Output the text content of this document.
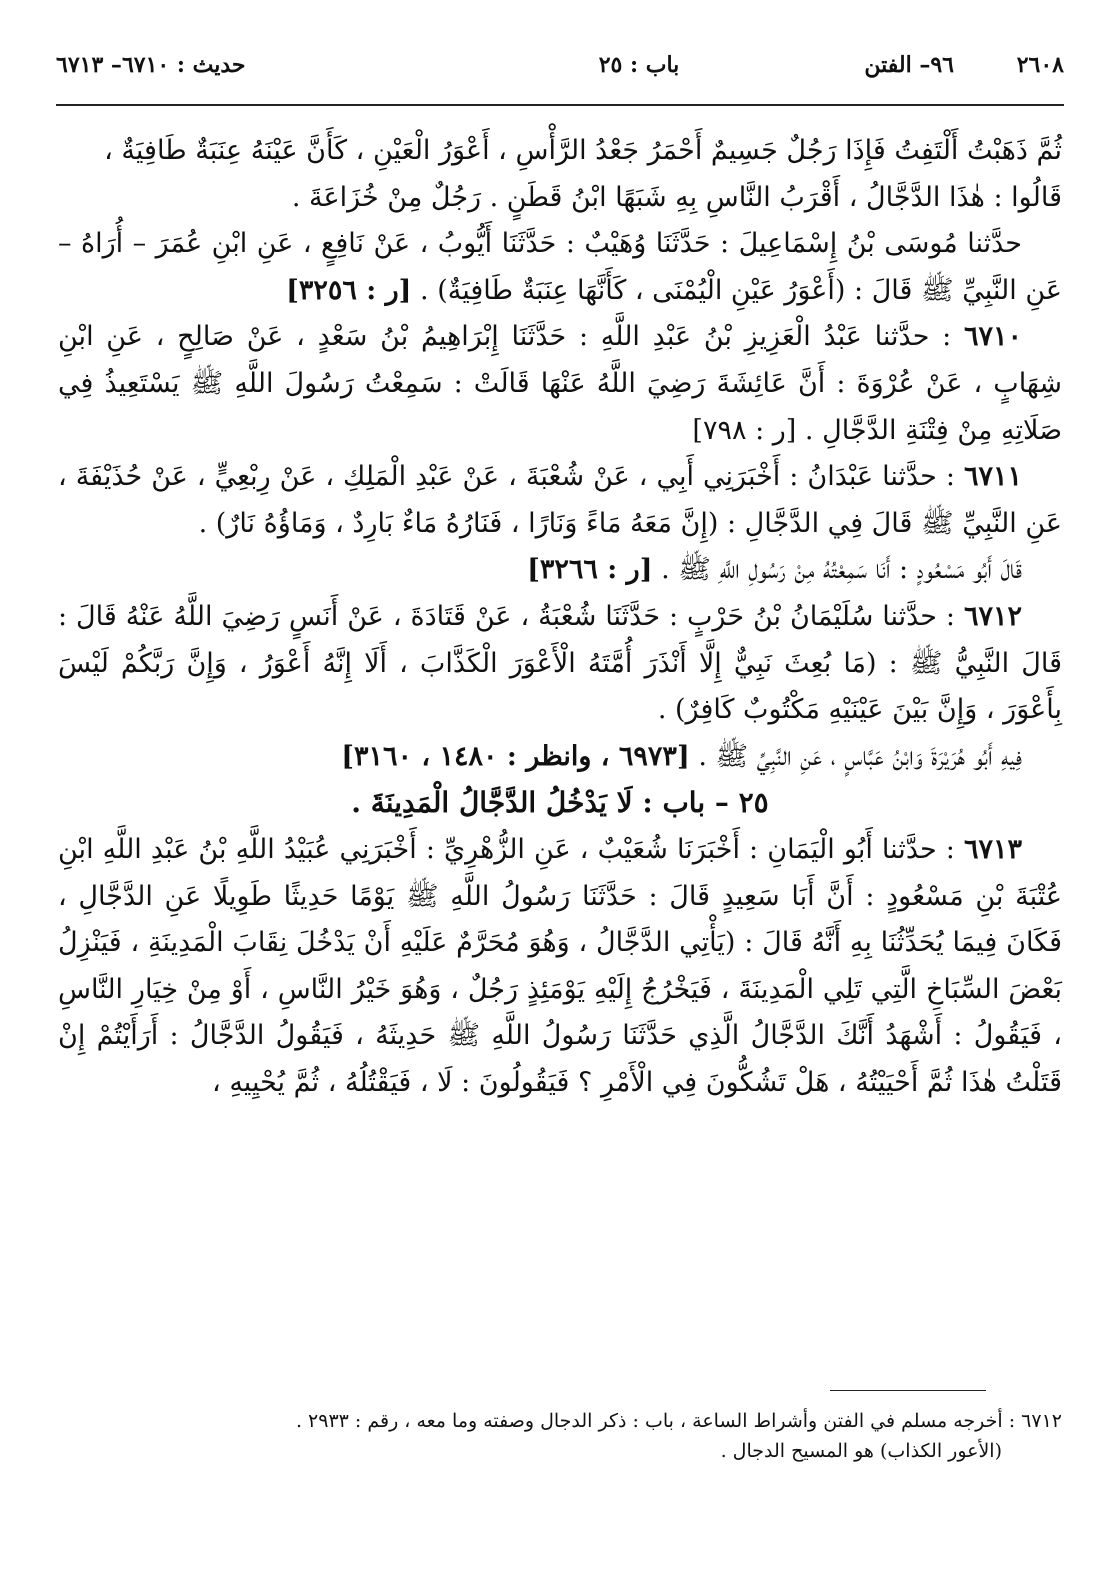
٢٦٠٨
٩٦– الفتن
باب : ٢٥
حديث : ٦٧١٠– ٦٧١٣

ثُمَّ ذَهَبْتُ أَلْتَفِتُ فَإِذَا رَجُلٌ جَسِيمٌ أَحْمَرُ جَعْدُ الرَّأْسِ ، أَعْوَرُ الْعَيْنِ ، كَأَنَّ عَيْنَهُ عِنَبَةٌ طَافِيَةٌ ،

قَالُوا : هٰذَا الدَّجَّالُ ، أَقْرَبُ النَّاسِ بِهِ شَبَهًا ابْنُ قَطَنٍ . رَجُلٌ مِنْ خُزَاعَةَ .

حدَّثنا مُوسَى بْنُ إِسْمَاعِيلَ : حَدَّثَنَا وُهَيْبٌ : حَدَّثَنَا أَيُّوبُ ، عَنْ نَافِعٍ ، عَنِ ابْنِ عُمَرَ – أُرَاهُ – عَنِ النَّبِيِّ ﷺ قَالَ : (أَعْوَرُ عَيْنِ الْيُمْنَى ، كَأَنَّهَا عِنَبَةٌ طَافِيَةٌ) . [ر : ٣٢٥٦]

٦٧١٠ : حدَّثنا عَبْدُ الْعَزِيزِ بْنُ عَبْدِ اللَّهِ : حَدَّثَنَا إِبْرَاهِيمُ بْنُ سَعْدٍ ، عَنْ صَالِحٍ ، عَنِ ابْنِ شِهَابٍ ، عَنْ عُرْوَةَ : أَنَّ عَائِشَةَ رَضِيَ اللَّهُ عَنْهَا قَالَتْ : سَمِعْتُ رَسُولَ اللَّهِ ﷺ يَسْتَعِيذُ فِي صَلَاتِهِ مِنْ فِتْنَةِ الدَّجَّالِ . [ر : ٧٩٨]

٦٧١١ : حدَّثنا عَبْدَانُ : أَخْبَرَنِي أَبِي ، عَنْ شُعْبَةَ ، عَنْ عَبْدِ الْمَلِكِ ، عَنْ رِبْعِيٍّ ، عَنْ حُذَيْفَةَ ، عَنِ النَّبِيِّ ﷺ قَالَ فِي الدَّجَّالِ : (إِنَّ مَعَهُ مَاءً وَنَارًا ، فَنَارُهُ مَاءٌ بَارِدٌ ، وَمَاؤُهُ نَارٌ) .

قَالَ أَبُو مَسْعُودٍ : أَنَا سَمِعْتُهُ مِنْ رَسُولِ اللَّهِ ﷺ . [ر : ٣٢٦٦]

٦٧١٢ : حدَّثنا سُلَيْمَانُ بْنُ حَرْبٍ : حَدَّثَنَا شُعْبَةُ ، عَنْ قَتَادَةَ ، عَنْ أَنَسٍ رَضِيَ اللَّهُ عَنْهُ قَالَ : قَالَ النَّبِيُّ ﷺ : (مَا بُعِثَ نَبِيٌّ إِلَّا أَنْذَرَ أُمَّتَهُ الْأَعْوَرَ الْكَذَّابَ ، أَلَا إِنَّهُ أَعْوَرُ ، وَإِنَّ رَبَّكُمْ لَيْسَ بِأَعْوَرَ ، وَإِنَّ بَيْنَ عَيْنَيْهِ مَكْتُوبٌ كَافِرٌ) .

فِيهِ أَبُو هُرَيْرَةَ وَابْنُ عَبَّاسٍ ، عَنِ النَّبِيِّ ﷺ . [٦٩٧٣ ، وانظر : ١٤٨٠ ، ٣١٦٠]

٢٥ – باب : لَا يَدْخُلُ الدَّجَّالُ الْمَدِينَةَ .

٦٧١٣ : حدَّثنا أَبُو الْيَمَانِ : أَخْبَرَنَا شُعَيْبٌ ، عَنِ الزُّهْرِيِّ : أَخْبَرَنِي عُبَيْدُ اللَّهِ بْنُ عَبْدِ اللَّهِ ابْنِ عُتْبَةَ بْنِ مَسْعُودٍ : أَنَّ أَبَا سَعِيدٍ قَالَ : حَدَّثَنَا رَسُولُ اللَّهِ ﷺ يَوْمًا حَدِيثًا طَوِيلًا عَنِ الدَّجَّالِ ، فَكَانَ فِيمَا يُحَدِّثُنَا بِهِ أَنَّهُ قَالَ : (يَأْتِي الدَّجَّالُ ، وَهُوَ مُحَرَّمٌ عَلَيْهِ أَنْ يَدْخُلَ نِقَابَ الْمَدِينَةِ ، فَيَنْزِلُ بَعْضَ السِّبَاخِ الَّتِي تَلِي الْمَدِينَةَ ، فَيَخْرُجُ إِلَيْهِ يَوْمَئِذٍ رَجُلٌ ، وَهُوَ خَيْرُ النَّاسِ ، أَوْ مِنْ خِيَارِ النَّاسِ ، فَيَقُولُ : أَشْهَدُ أَنَّكَ الدَّجَّالُ الَّذِي حَدَّثَنَا رَسُولُ اللَّهِ ﷺ حَدِيثَهُ ، فَيَقُولُ الدَّجَّالُ : أَرَأَيْتُمْ إِنْ قَتَلْتُ هٰذَا ثُمَّ أَحْيَيْتُهُ ، هَلْ تَشُكُّونَ فِي الْأَمْرِ ؟ فَيَقُولُونَ : لَا ، فَيَقْتُلُهُ ، ثُمَّ يُحْيِيهِ ،

٦٧١٢ : أخرجه مسلم في الفتن وأشراط الساعة ، باب : ذكر الدجال وصفته وما معه ، رقم : ٢٩٣٣ .

(الأعور الكذاب) هو المسيح الدجال .
